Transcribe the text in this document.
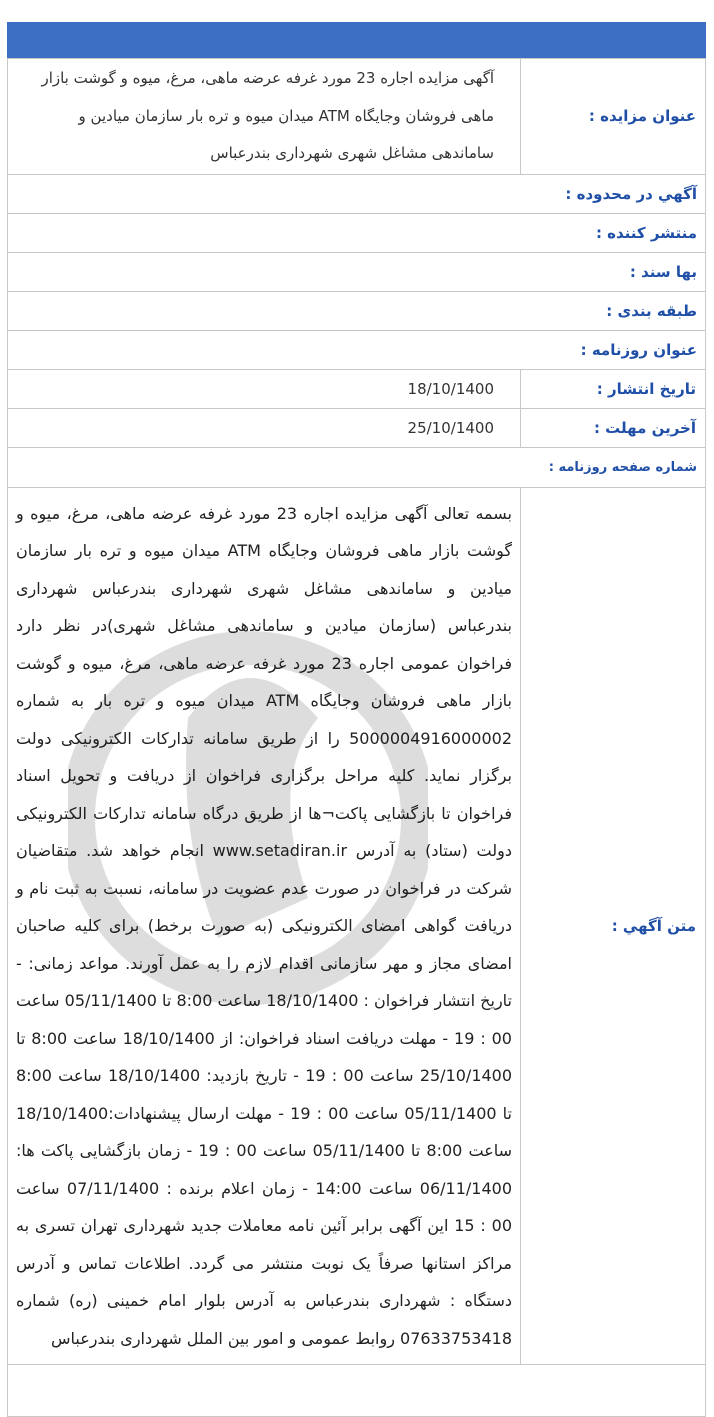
عنوان مزایده :	آگهی مزایده اجاره 23 مورد غرفه عرضه ماهی، مرغ، میوه و گوشت بازار ماهی فروشان وجایگاه ATM میدان میوه و تره بار سازمان میادین و ساماندهی مشاغل شهری شهرداری بندرعباس

آگهي در محدوده :	
منتشر کننده :	
بها سند :	
طبقه بندی :	
عنوان روزنامه :	
تاریخ انتشار :	18/10/1400
آخرین مهلت :	25/10/1400
شماره صفحه روزنامه :	
متن آگهي :	بسمه تعالی آگهی مزایده اجاره 23 مورد غرفه عرضه ماهی، مرغ، میوه و گوشت بازار ماهی فروشان وجایگاه ATM میدان میوه و تره بار سازمان میادین و ساماندهی مشاغل شهری شهرداری بندرعباس شهرداری بندرعباس (سازمان میادین و ساماندهی مشاغل شهری)در نظر دارد فراخوان عمومی اجاره 23 مورد غرفه عرضه ماهی، مرغ، میوه و گوشت بازار ماهی فروشان وجایگاه ATM میدان میوه و تره بار به شماره 5000004916000002 را از طریق سامانه تدارکات الکترونیکی دولت برگزار نماید. کلیه مراحل برگزاری فراخوان از دریافت و تحویل اسناد فراخوان تا بازگشایی پاکت¬ها از طریق درگاه سامانه تدارکات الکترونیکی دولت (ستاد) به آدرس www.setadiran.ir انجام خواهد شد. متقاضیان شرکت در فراخوان در صورت عدم عضویت در سامانه، نسبت به ثبت نام و دریافت گواهی امضای الکترونیکی (به صورت برخط) برای کلیه صاحبان امضای مجاز و مهر سازمانی اقدام لازم را به عمل آورند. مواعد زمانی: - تاریخ انتشار فراخوان : 18/10/1400 ساعت 8:00 تا 05/11/1400 ساعت 00 : 19 - مهلت دریافت اسناد فراخوان: از 18/10/1400 ساعت 8:00 تا 25/10/1400 ساعت 00 : 19 - تاریخ بازدید: 18/10/1400 ساعت 8:00 تا 05/11/1400 ساعت 00 : 19 - مهلت ارسال پیشنهادات:18/10/1400 ساعت 8:00 تا 05/11/1400 ساعت 00 : 19 - زمان بازگشایی پاکت ها: 06/11/1400 ساعت 14:00 - زمان اعلام برنده : 07/11/1400 ساعت 00 : 15 این آگهی برابر آئین نامه معاملات جدید شهرداری تهران تسری به مراکز استانها صرفاً یک نوبت منتشر می گردد. اطلاعات تماس و آدرس دستگاه : شهرداری بندرعباس به آدرس بلوار امام خمینی (ره) شماره 07633753418 روابط عمومی و امور بین الملل شهرداری بندرعباس
